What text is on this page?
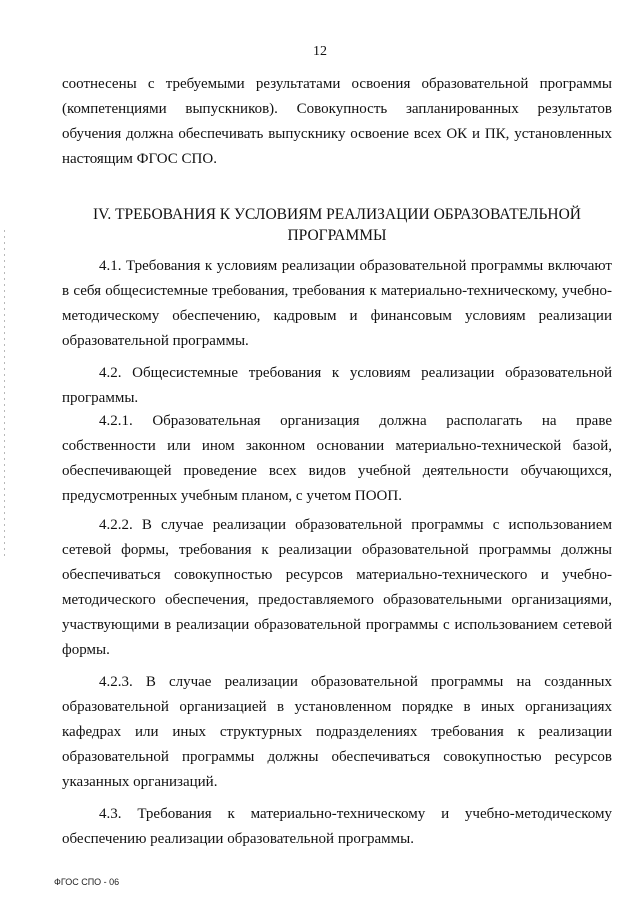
12

соотнесены с требуемыми результатами освоения образовательной программы (компетенциями выпускников). Совокупность запланированных результатов обучения должна обеспечивать выпускнику освоение всех ОК и ПК, установленных настоящим ФГОС СПО.

IV. ТРЕБОВАНИЯ К УСЛОВИЯМ РЕАЛИЗАЦИИ ОБРАЗОВАТЕЛЬНОЙ
ПРОГРАММЫ

4.1. Требования к условиям реализации образовательной программы включают в себя общесистемные требования, требования к материально-техническому, учебно-методическому обеспечению, кадровым и финансовым условиям реализации образовательной программы.

4.2. Общесистемные требования к условиям реализации образовательной программы.

4.2.1. Образовательная организация должна располагать на праве собственности или ином законном основании материально-технической базой, обеспечивающей проведение всех видов учебной деятельности обучающихся, предусмотренных учебным планом, с учетом ПООП.

4.2.2. В случае реализации образовательной программы с использованием сетевой формы, требования к реализации образовательной программы должны обеспечиваться совокупностью ресурсов материально-технического и учебно-методического обеспечения, предоставляемого образовательными организациями, участвующими в реализации образовательной программы с использованием сетевой формы.

4.2.3. В случае реализации образовательной программы на созданных образовательной организацией в установленном порядке в иных организациях кафедрах или иных структурных подразделениях требования к реализации образовательной программы должны обеспечиваться совокупностью ресурсов указанных организаций.

4.3. Требования к материально-техническому и учебно-методическому обеспечению реализации образовательной программы.

ФГОС СПО - 06
